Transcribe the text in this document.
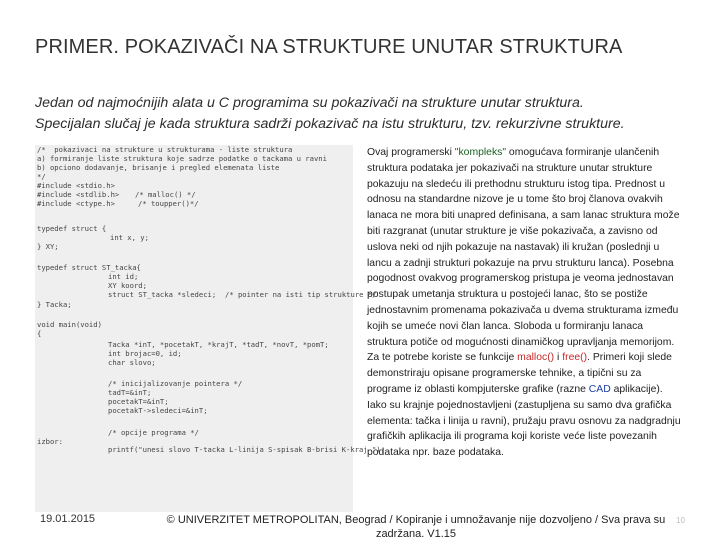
PRIMER. POKAZIVAČI NA STRUKTURE UNUTAR STRUKTURA
Jedan od najmoćnijih alata u C programima su pokazivači na strukture unutar struktura.
Specijalan slučaj je kada struktura sadrži pokazivač na istu strukturu, tzv. rekurzivne strukture.
/*  pokazivaci na strukture u strukturama - liste struktura
a) formiranje liste struktura koje sadrze podatke o tackama u ravni
b) opciono dodavanje, brisanje i pregled elemenata liste
*/
#include <stdio.h>
#include <stdlib.h> /* malloc() */
#include <ctype.h>	/* toupper()*/
typedef struct {
int x, y;
} XY;
typedef struct ST_tacka{
int id;
XY koord;
struct ST_tacka *sledeci; /* pointer na isti tip strukture */
} Tacka;
void main(void)
{
Tacka *inT, *pocetakT, *krajT, *tadT, *novT, *pomT;
int brojac=0, id;
char slovo;
/* inicijalizovanje pointera */
tadT=&inT;
pocetakT=&inT;
pocetakT->sledeci=&inT;
/* opcije programa */
izbor:
printf("unesi slovo T-tacka L-linija S-spisak B-brisi K-kraj ");
Ovaj programerski "kompleks" omogućava formiranje ulančenih struktura podataka jer pokazivači na strukture unutar strukture pokazuju na sledeću ili prethodnu strukturu istog tipa. Prednost u odnosu na standardne nizove je u tome što broj članova ovakvih lanaca ne mora biti unapred definisana, a sam lanac struktura može biti razgranat (unutar strukture je više pokazivača, a zavisno od uslova neki od njih pokazuje na nastavak) ili kružan (poslednji u lancu a zadnji strukturi pokazuje na prvu strukturu lanca). Posebna pogodnost ovakvog programerskog pristupa je veoma jednostavan postupak umetanja struktura u postojeći lanac, što se postiže jednostavnim promenama pokazivača u dvema strukturama između kojih se umeće novi član lanca. Sloboda u formiranju lanaca struktura potiče od mogućnosti dinamičkog upravljanja memorijom. Za te potrebe koriste se funkcije malloc() i free(). Primeri koji slede demonstriraju opisane programerske tehnike, a tipični su za programe iz oblasti kompjuterske grafike (razne CAD aplikacije). Iako su krajnje pojednostavljeni (zastupljena su samo dva grafička elementa: tačka i linija u ravni), pružaju pravu osnovu za nadgradnju grafičkih aplikacija ili programa koji koriste veće liste povezanih podataka npr. baze podataka.
19.01.2015	© UNIVERZITET METROPOLITAN, Beograd / Kopiranje i umnožavanje nije dozvoljeno / Sva prava su zadržana. V1.15
10
